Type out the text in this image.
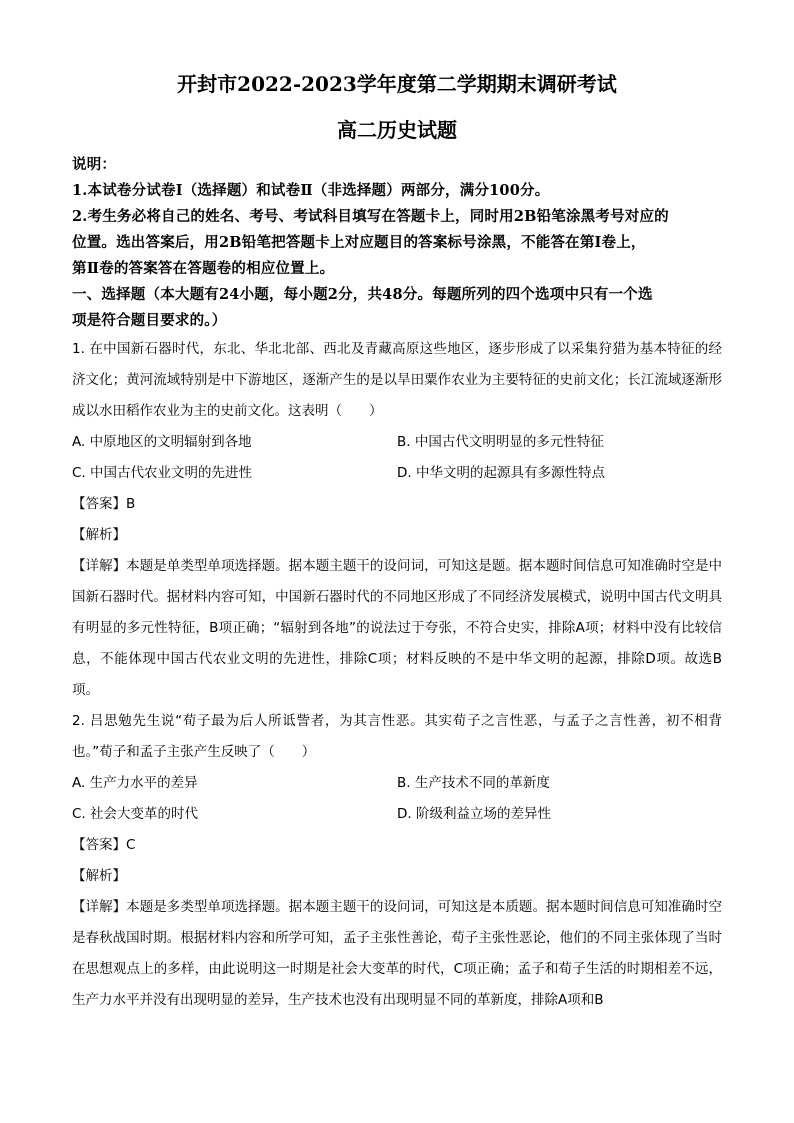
开封市2022-2023学年度第二学期期末调研考试
高二历史试题

说明：

1.本试卷分试卷Ⅰ（选择题）和试卷Ⅱ（非选择题）两部分，满分100分。

2.考生务必将自己的姓名、考号、考试科目填写在答题卡上，同时用2B铅笔涂黑考号对应的

位置。选出答案后，用2B铅笔把答题卡上对应题目的答案标号涂黑，不能答在第Ⅰ卷上，

第Ⅱ卷的答案答在答题卷的相应位置上。

一、选择题（本大题有24小题，每小题2分，共48分。每题所列的四个选项中只有一个选

项是符合题目要求的。）

1. 在中国新石器时代，东北、华北北部、西北及青藏高原这些地区，逐步形成了以采集狩猎为基本特征的经济文化；黄河流域特别是中下游地区，逐渐产生的是以旱田粟作农业为主要特征的史前文化；长江流域逐渐形成以水田稻作农业为主的史前文化。这表明（　　）

A. 中原地区的文明辐射到各地	B. 中国古代文明明显的多元性特征
C. 中国古代农业文明的先进性	D. 中华文明的起源具有多源性特点

【答案】B

【解析】

【详解】本题是单类型单项选择题。据本题主题干的设问词，可知这是题。据本题时间信息可知准确时空是中国新石器时代。据材料内容可知，中国新石器时代的不同地区形成了不同经济发展模式，说明中国古代文明具有明显的多元性特征，B项正确；“辐射到各地”的说法过于夸张，不符合史实，排除A项；材料中没有比较信息，不能体现中国古代农业文明的先进性，排除C项；材料反映的不是中华文明的起源，排除D项。故选B项。

2. 吕思勉先生说“荀子最为后人所诋訾者，为其言性恶。其实荀子之言性恶，与孟子之言性善，初不相背也。”荀子和孟子主张产生反映了（　　）

A. 生产力水平的差异	B. 生产技术不同的革新度
C. 社会大变革的时代	D. 阶级利益立场的差异性

【答案】C

【解析】

【详解】本题是多类型单项选择题。据本题主题干的设问词，可知这是本质题。据本题时间信息可知准确时空是春秋战国时期。根据材料内容和所学可知，孟子主张性善论，荀子主张性恶论，他们的不同主张体现了当时在思想观点上的多样，由此说明这一时期是社会大变革的时代，C项正确；孟子和荀子生活的时期相差不远，生产力水平并没有出现明显的差异，生产技术也没有出现明显不同的革新度，排除A项和B
